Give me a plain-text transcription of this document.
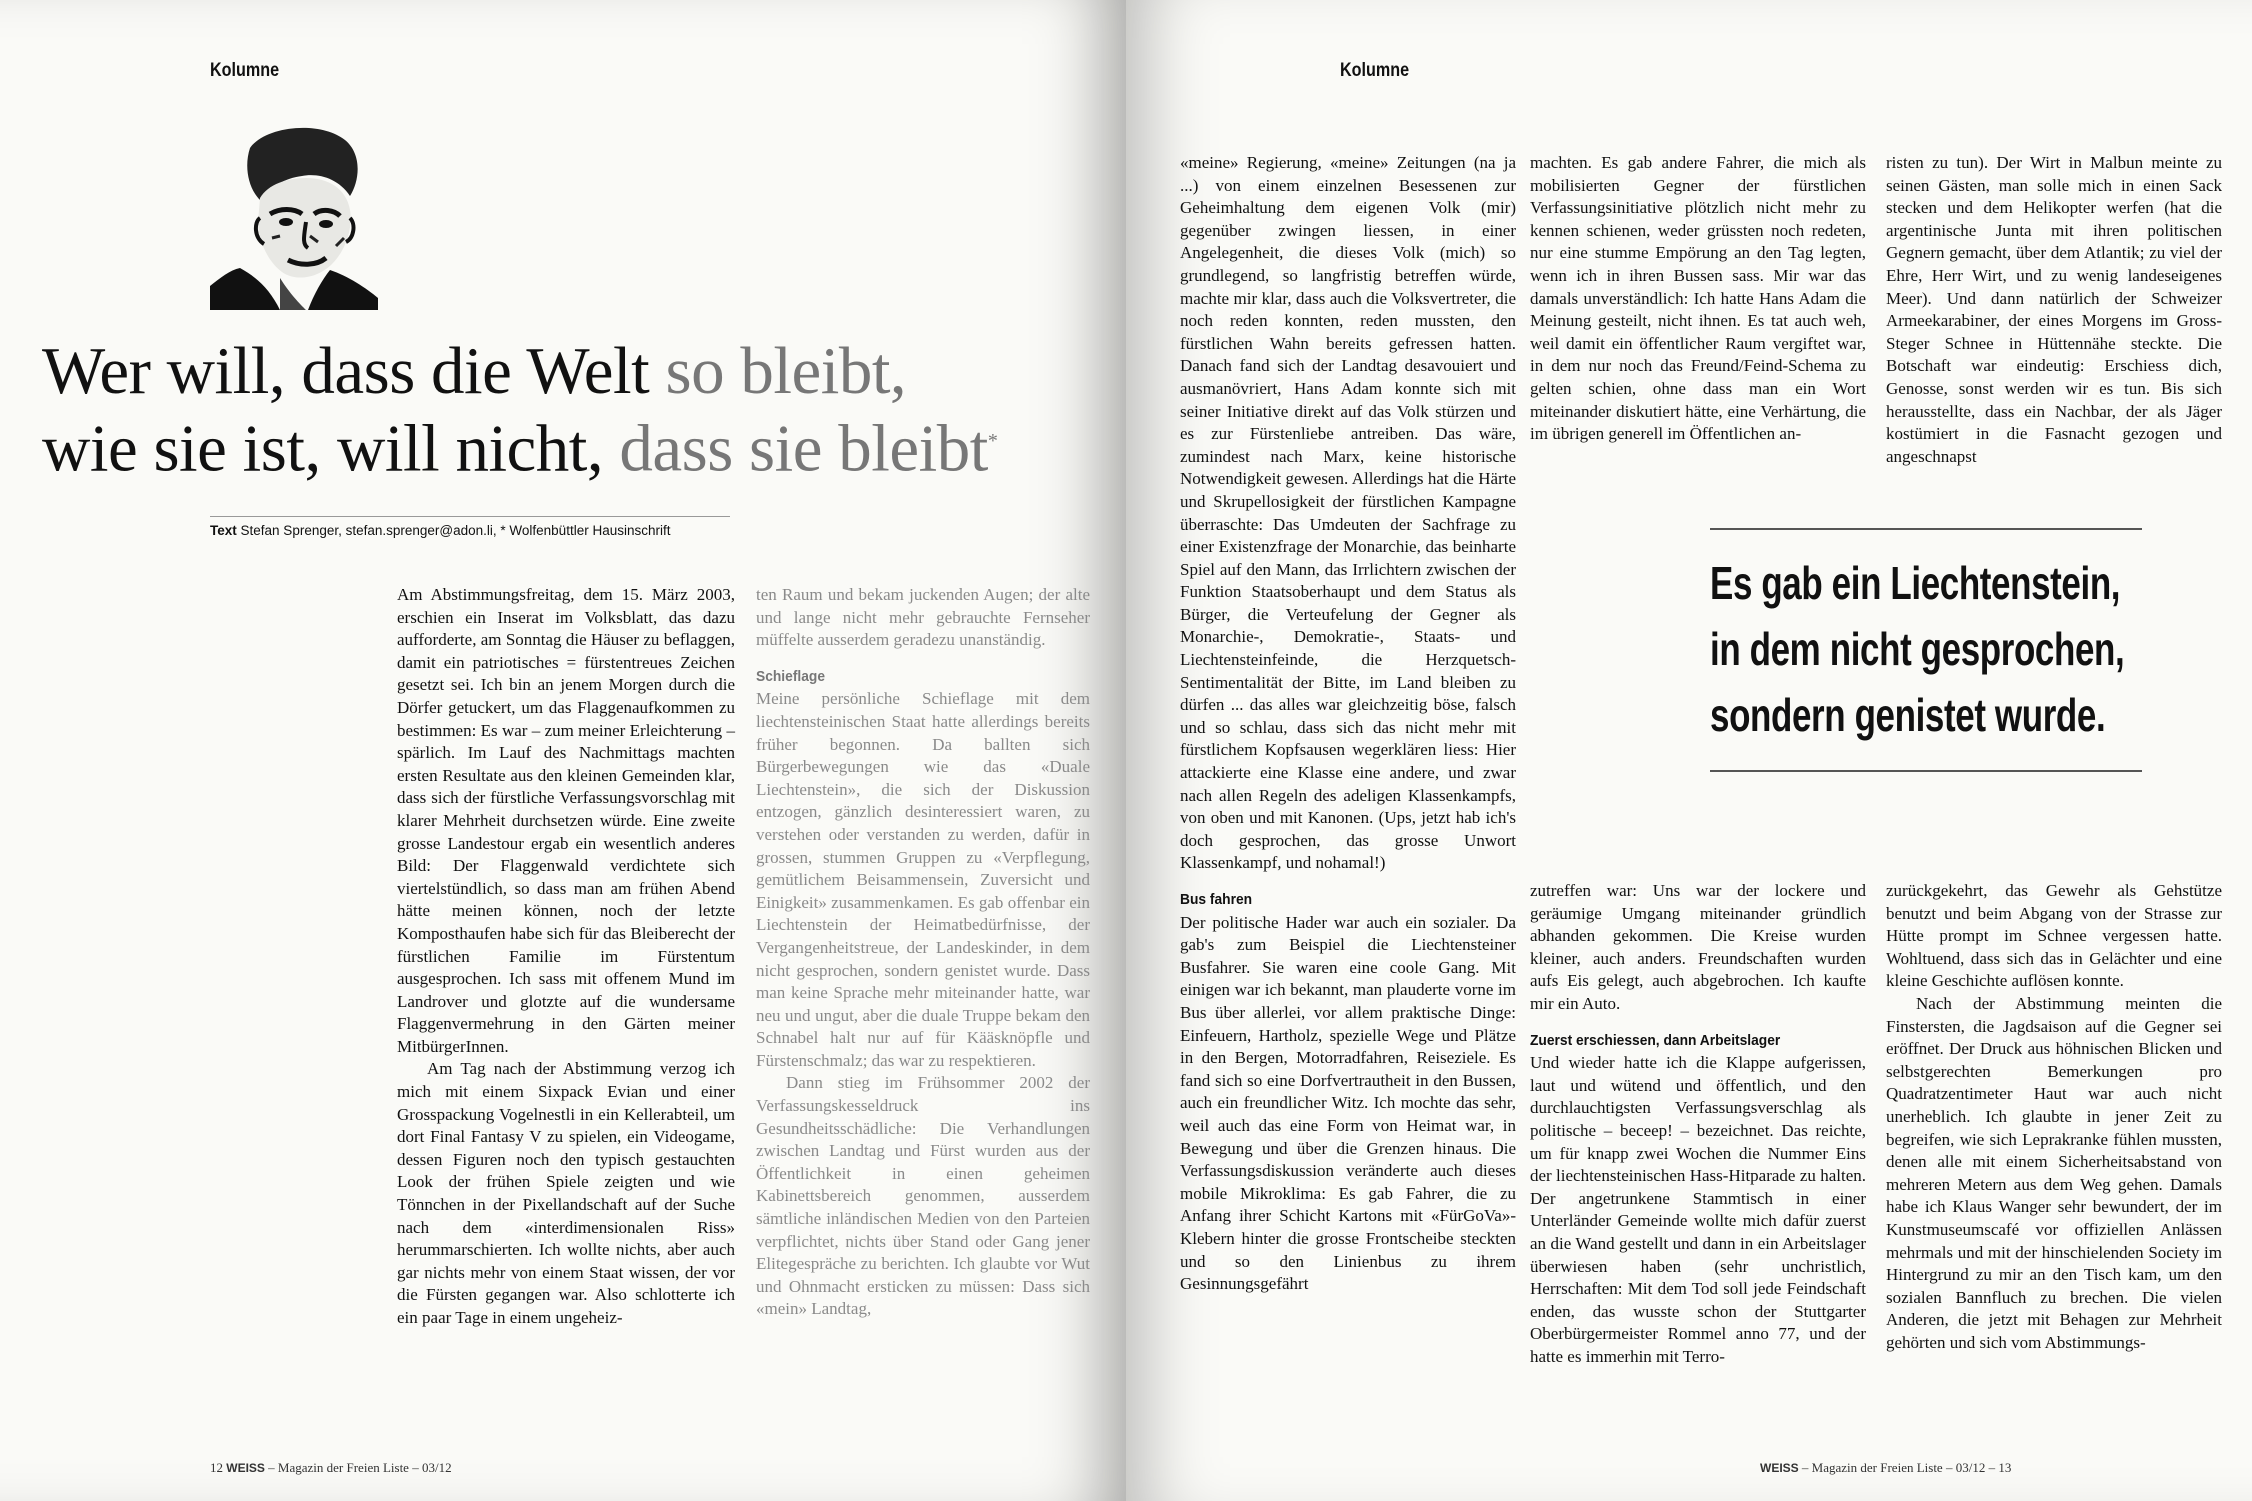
Kolumne
Wer will, dass die Welt so bleibt,
wie sie ist, will nicht, dass sie bleibt*
Text Stefan Sprenger, stefan.sprenger@adon.li, * Wolfenbüttler Hausinschrift

Am Abstimmungsfreitag, dem 15. März 2003, erschien ein Inserat im Volksblatt, das dazu aufforderte, am Sonntag die Häuser zu beflaggen, damit ein patriotisches = fürstentreues Zeichen gesetzt sei. Ich bin an jenem Morgen durch die Dörfer getuckert, um das Flaggenaufkommen zu bestimmen: Es war – zum meiner Erleichterung – spärlich. Im Lauf des Nachmittags machten ersten Resultate aus den kleinen Gemeinden klar, dass sich der fürstliche Verfassungsvorschlag mit klarer Mehrheit durchsetzen würde. Eine zweite grosse Landestour ergab ein wesentlich anderes Bild: Der Flaggenwald verdichtete sich viertelstündlich, so dass man am frühen Abend hätte meinen können, noch der letzte Komposthaufen habe sich für das Bleiberecht der fürstlichen Familie im Fürstentum ausgesprochen. Ich sass mit offenem Mund im Landrover und glotzte auf die wundersame Flaggenvermehrung in den Gärten meiner MitbürgerInnen.

Am Tag nach der Abstimmung verzog ich mich mit einem Sixpack Evian und einer Grosspackung Vogelnestli in ein Kellerabteil, um dort Final Fantasy V zu spielen, ein Videogame, dessen Figuren noch den typisch gestauchten Look der frühen Spiele zeigten und wie Tönnchen in der Pixellandschaft auf der Suche nach dem «interdimensionalen Riss» herummarschierten. Ich wollte nichts, aber auch gar nichts mehr von einem Staat wissen, der vor die Fürsten gegangen war. Also schlotterte ich ein paar Tage in einem ungeheiz-

ten Raum und bekam juckenden Augen; der alte und lange nicht mehr gebrauchte Fernseher müffelte ausserdem geradezu unanständig.

Schieflage

Meine persönliche Schieflage mit dem liechtensteinischen Staat hatte allerdings bereits früher begonnen. Da ballten sich Bürgerbewegungen wie das «Duale Liechtenstein», die sich der Diskussion entzogen, gänzlich desinteressiert waren, zu verstehen oder verstanden zu werden, dafür in grossen, stummen Gruppen zu «Verpflegung, gemütlichem Beisammensein, Zuversicht und Einigkeit» zusammenkamen. Es gab offenbar ein Liechtenstein der Heimatbedürfnisse, der Vergangenheitstreue, der Landeskinder, in dem nicht gesprochen, sondern genistet wurde. Dass man keine Sprache mehr miteinander hatte, war neu und ungut, aber die duale Truppe bekam den Schnabel halt nur auf für Kääsknöpfle und Fürstenschmalz; das war zu respektieren.

Dann stieg im Frühsommer 2002 der Verfassungskesseldruck ins Gesundheitsschädliche: Die Verhandlungen zwischen Landtag und Fürst wurden aus der Öffentlichkeit in einen geheimen Kabinettsbereich genommen, ausserdem sämtliche inländischen Medien von den Parteien verpflichtet, nichts über Stand oder Gang jener Elitegespräche zu berichten. Ich glaubte vor Wut und Ohnmacht ersticken zu müssen: Dass sich «mein» Landtag,

12 WEISS – Magazin der Freien Liste – 03/12
Kolumne

«meine» Regierung, «meine» Zeitungen (na ja ...) von einem einzelnen Besessenen zur Geheimhaltung dem eigenen Volk (mir) gegenüber zwingen liessen, in einer Angelegenheit, die dieses Volk (mich) so grundlegend, so langfristig betreffen würde, machte mir klar, dass auch die Volksvertreter, die noch reden konnten, reden mussten, den fürstlichen Wahn bereits gefressen hatten. Danach fand sich der Landtag desavouiert und ausmanövriert, Hans Adam konnte sich mit seiner Initiative direkt auf das Volk stürzen und es zur Fürstenliebe antreiben. Das wäre, zumindest nach Marx, keine historische Notwendigkeit gewesen. Allerdings hat die Härte und Skrupellosigkeit der fürstlichen Kampagne überraschte: Das Umdeuten der Sachfrage zu einer Existenzfrage der Monarchie, das beinharte Spiel auf den Mann, das Irrlichtern zwischen der Funktion Staatsoberhaupt und dem Status als Bürger, die Verteufelung der Gegner als Monarchie-, Demokratie-, Staats- und Liechtensteinfeinde, die Herzquetsch-Sentimentalität der Bitte, im Land bleiben zu dürfen ... das alles war gleichzeitig böse, falsch und so schlau, dass sich das nicht mehr mit fürstlichem Kopfsausen wegerklären liess: Hier attackierte eine Klasse eine andere, und zwar nach allen Regeln des adeligen Klassenkampfs, von oben und mit Kanonen. (Ups, jetzt hab ich's doch gesprochen, das grosse Unwort Klassenkampf, und nohamal!)

Bus fahren

Der politische Hader war auch ein sozialer. Da gab's zum Beispiel die Liechtensteiner Busfahrer. Sie waren eine coole Gang. Mit einigen war ich bekannt, man plauderte vorne im Bus über allerlei, vor allem praktische Dinge: Einfeuern, Hartholz, spezielle Wege und Plätze in den Bergen, Motorradfahren, Reiseziele. Es fand sich so eine Dorfvertrautheit in den Bussen, auch ein freundlicher Witz. Ich mochte das sehr, weil auch das eine Form von Heimat war, in Bewegung und über die Grenzen hinaus. Die Verfassungsdiskussion veränderte auch dieses mobile Mikroklima: Es gab Fahrer, die zu Anfang ihrer Schicht Kartons mit «FürGoVa»-Klebern hinter die grosse Frontscheibe steckten und so den Linienbus zu ihrem Gesinnungsgefährt

machten. Es gab andere Fahrer, die mich als mobilisierten Gegner der fürstlichen Verfassungsinitiative plötzlich nicht mehr zu kennen schienen, weder grüssten noch redeten, nur eine stumme Empörung an den Tag legten, wenn ich in ihren Bussen sass. Mir war das damals unverständlich: Ich hatte Hans Adam die Meinung gesteilt, nicht ihnen. Es tat auch weh, weil damit ein öffentlicher Raum vergiftet war, in dem nur noch das Freund/Feind-Schema zu gelten schien, ohne dass man ein Wort miteinander diskutiert hätte, eine Verhärtung, die im übrigen generell im Öffentlichen an-

risten zu tun). Der Wirt in Malbun meinte zu seinen Gästen, man solle mich in einen Sack stecken und dem Helikopter werfen (hat die argentinische Junta mit ihren politischen Gegnern gemacht, über dem Atlantik; zu viel der Ehre, Herr Wirt, und zu wenig landeseigenes Meer). Und dann natürlich der Schweizer Armeekarabiner, der eines Morgens im Gross-Steger Schnee in Hüttennähe steckte. Die Botschaft war eindeutig: Erschiess dich, Genosse, sonst werden wir es tun. Bis sich herausstellte, dass ein Nachbar, der als Jäger kostümiert in die Fasnacht gezogen und angeschnapst

zutreffen war: Uns war der lockere und geräumige Umgang miteinander gründlich abhanden gekommen. Die Kreise wurden kleiner, auch anders. Freundschaften wurden aufs Eis gelegt, auch abgebrochen. Ich kaufte mir ein Auto.

Zuerst erschiessen, dann Arbeitslager

Und wieder hatte ich die Klappe aufgerissen, laut und wütend und öffentlich, und den durchlauchtigsten Verfassungsverschlag als politische – beceep! – bezeichnet. Das reichte, um für knapp zwei Wochen die Nummer Eins der liechtensteinischen Hass-Hitparade zu halten. Der angetrunkene Stammtisch in einer Unterländer Gemeinde wollte mich dafür zuerst an die Wand gestellt und dann in ein Arbeitslager überwiesen haben (sehr unchristlich, Herrschaften: Mit dem Tod soll jede Feindschaft enden, das wusste schon der Stuttgarter Oberbürgermeister Rommel anno 77, und der hatte es immerhin mit Terro-

zurückgekehrt, das Gewehr als Gehstütze benutzt und beim Abgang von der Strasse zur Hütte prompt im Schnee vergessen hatte. Wohltuend, dass sich das in Gelächter und eine kleine Geschichte auflösen konnte.

Nach der Abstimmung meinten die Finstersten, die Jagdsaison auf die Gegner sei eröffnet. Der Druck aus höhnischen Blicken und selbstgerechten Bemerkungen pro Quadratzentimeter Haut war auch nicht unerheblich. Ich glaubte in jener Zeit zu begreifen, wie sich Leprakranke fühlen mussten, denen alle mit einem Sicherheitsabstand von mehreren Metern aus dem Weg gehen. Damals habe ich Klaus Wanger sehr bewundert, der im Kunstmuseumscafé vor offiziellen Anlässen mehrmals und mit der hinschielenden Society im Hintergrund zu mir an den Tisch kam, um den sozialen Bannfluch zu brechen. Die vielen Anderen, die jetzt mit Behagen zur Mehrheit gehörten und sich vom Abstimmungs-

WEISS – Magazin der Freien Liste – 03/12 – 13
Es gab ein Liechtenstein,
in dem nicht gesprochen,
sondern genistet wurde.
